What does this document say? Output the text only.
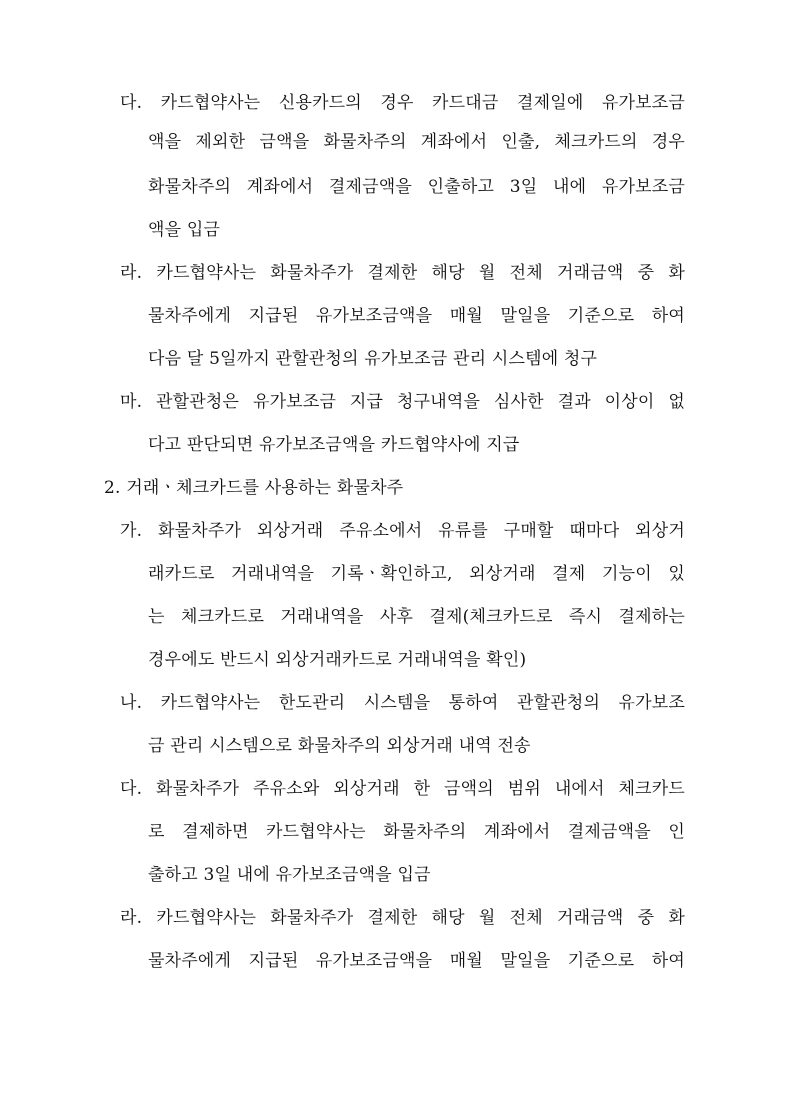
다. 카드협약사는 신용카드의 경우 카드대금 결제일에 유가보조금
액을 제외한 금액을 화물차주의 계좌에서 인출, 체크카드의 경우
화물차주의 계좌에서 결제금액을 인출하고 3일 내에 유가보조금
액을 입금
라. 카드협약사는 화물차주가 결제한 해당 월 전체 거래금액 중 화
물차주에게 지급된 유가보조금액을 매월 말일을 기준으로 하여
다음 달 5일까지 관할관청의 유가보조금 관리 시스템에 청구
마. 관할관청은 유가보조금 지급 청구내역을 심사한 결과 이상이 없
다고 판단되면 유가보조금액을 카드협약사에 지급
2. 거래ㆍ체크카드를 사용하는 화물차주
가. 화물차주가 외상거래 주유소에서 유류를 구매할 때마다 외상거
래카드로 거래내역을 기록ㆍ확인하고, 외상거래 결제 기능이 있
는 체크카드로 거래내역을 사후 결제(체크카드로 즉시 결제하는
경우에도 반드시 외상거래카드로 거래내역을 확인)
나. 카드협약사는 한도관리 시스템을 통하여 관할관청의 유가보조
금 관리 시스템으로 화물차주의 외상거래 내역 전송
다. 화물차주가 주유소와 외상거래 한 금액의 범위 내에서 체크카드
로 결제하면 카드협약사는 화물차주의 계좌에서 결제금액을 인
출하고 3일 내에 유가보조금액을 입금
라. 카드협약사는 화물차주가 결제한 해당 월 전체 거래금액 중 화
물차주에게 지급된 유가보조금액을 매월 말일을 기준으로 하여
